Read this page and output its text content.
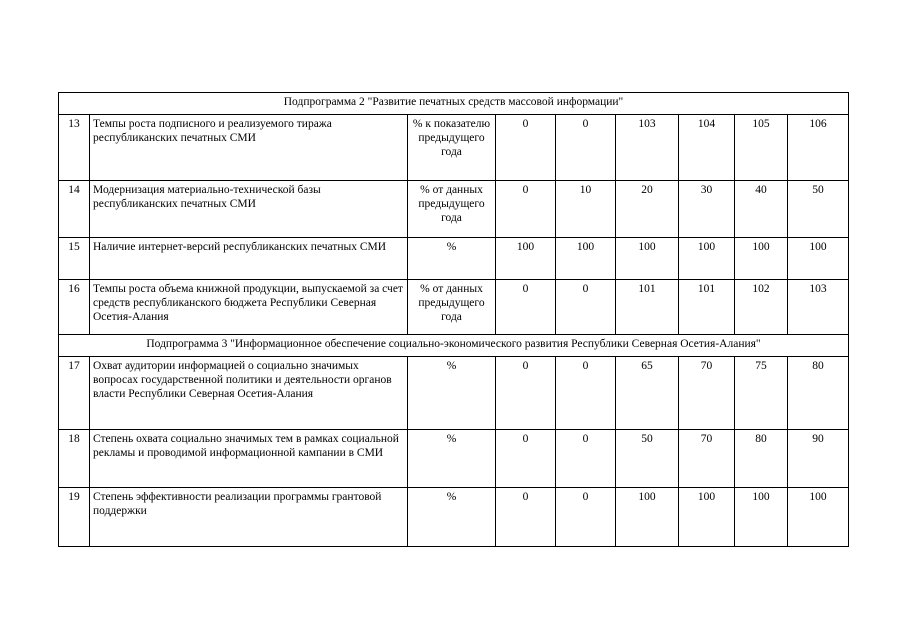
Подпрограмма 2 "Развитие печатных средств массовой информации"								
13	Темпы роста подписного и реализуемого тиража республиканских печатных СМИ	% к показателю предыдущего года	0	0	103	104	105	106
14	Модернизация материально-технической базы республиканских печатных СМИ	% от данных предыдущего года	0	10	20	30	40	50
15	Наличие интернет-версий республиканских печатных СМИ	%	100	100	100	100	100	100
16	Темпы роста объема книжной продукции, выпускаемой за счет средств республиканского бюджета Республики Северная Осетия-Алания	% от данных предыдущего года	0	0	101	101	102	103
Подпрограмма 3 "Информационное обеспечение социально-экономического развития Республики Северная Осетия-Алания"								
17	Охват аудитории информацией о социально значимых вопросах государственной политики и деятельности органов власти Республики Северная Осетия-Алания	%	0	0	65	70	75	80
18	Степень охвата социально значимых тем в рамках социальной рекламы и проводимой информационной кампании в СМИ	%	0	0	50	70	80	90
19	Степень эффективности реализации программы грантовой поддержки	%	0	0	100	100	100	100
